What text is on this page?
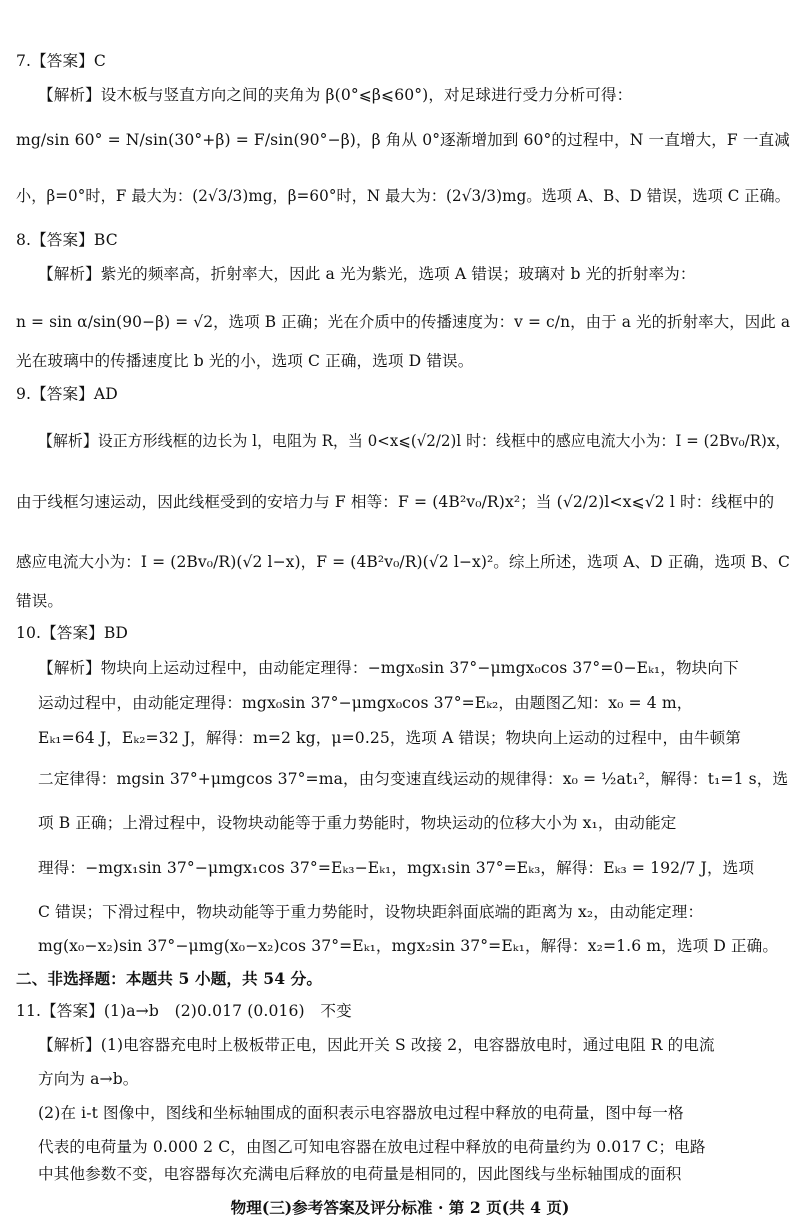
7.【答案】C
【解析】设木板与竖直方向之间的夹角为 β(0°⩽β⩽60°)，对足球进行受力分析可得：
mg/sin 60° = N/sin(30°+β) = F/sin(90°−β)，β 角从 0°逐渐增加到 60°的过程中，N 一直增大，F 一直减
小，β=0°时，F 最大为：(2√3/3)mg，β=60°时，N 最大为：(2√3/3)mg。选项 A、B、D 错误，选项 C 正确。
8.【答案】BC
【解析】紫光的频率高，折射率大，因此 a 光为紫光，选项 A 错误；玻璃对 b 光的折射率为：
n = sin α/sin(90−β) = √2，选项 B 正确；光在介质中的传播速度为：v = c/n，由于 a 光的折射率大，因此 a
光在玻璃中的传播速度比 b 光的小，选项 C 正确，选项 D 错误。
9.【答案】AD
【解析】设正方形线框的边长为 l，电阻为 R，当 0<x⩽(√2/2)l 时：线框中的感应电流大小为：I = (2Bv₀/R)x，
由于线框匀速运动，因此线框受到的安培力与 F 相等：F = (4B²v₀/R)x²；当 (√2/2)l<x⩽√2 l 时：线框中的
感应电流大小为：I = (2Bv₀/R)(√2 l−x)，F = (4B²v₀/R)(√2 l−x)²。综上所述，选项 A、D 正确，选项 B、C
错误。
10.【答案】BD
【解析】物块向上运动过程中，由动能定理得：−mgx₀sin 37°−μmgx₀cos 37°=0−Eₖ₁，物块向下
运动过程中，由动能定理得：mgx₀sin 37°−μmgx₀cos 37°=Eₖ₂，由题图乙知：x₀ = 4 m，
Eₖ₁=64 J，Eₖ₂=32 J，解得：m=2 kg，μ=0.25，选项 A 错误；物块向上运动的过程中，由牛顿第
二定律得：mgsin 37°+μmgcos 37°=ma，由匀变速直线运动的规律得：x₀ = ½at₁²，解得：t₁=1 s，选
项 B 正确；上滑过程中，设物块动能等于重力势能时，物块运动的位移大小为 x₁，由动能定
理得：−mgx₁sin 37°−μmgx₁cos 37°=Eₖ₃−Eₖ₁，mgx₁sin 37°=Eₖ₃，解得：Eₖ₃ = 192/7 J，选项
C 错误；下滑过程中，物块动能等于重力势能时，设物块距斜面底端的距离为 x₂，由动能定理：
mg(x₀−x₂)sin 37°−μmg(x₀−x₂)cos 37°=Eₖ₁，mgx₂sin 37°=Eₖ₁，解得：x₂=1.6 m，选项 D 正确。
二、非选择题：本题共 5 小题，共 54 分。
11.【答案】(1)a→b　(2)0.017 (0.016)　不变
【解析】(1)电容器充电时上极板带正电，因此开关 S 改接 2，电容器放电时，通过电阻 R 的电流
方向为 a→b。
(2)在 i-t 图像中，图线和坐标轴围成的面积表示电容器放电过程中释放的电荷量，图中每一格
代表的电荷量为 0.000 2 C，由图乙可知电容器在放电过程中释放的电荷量约为 0.017 C；电路
中其他参数不变，电容器每次充满电后释放的电荷量是相同的，因此图线与坐标轴围成的面积
物理(三)参考答案及评分标准 · 第 2 页(共 4 页)
